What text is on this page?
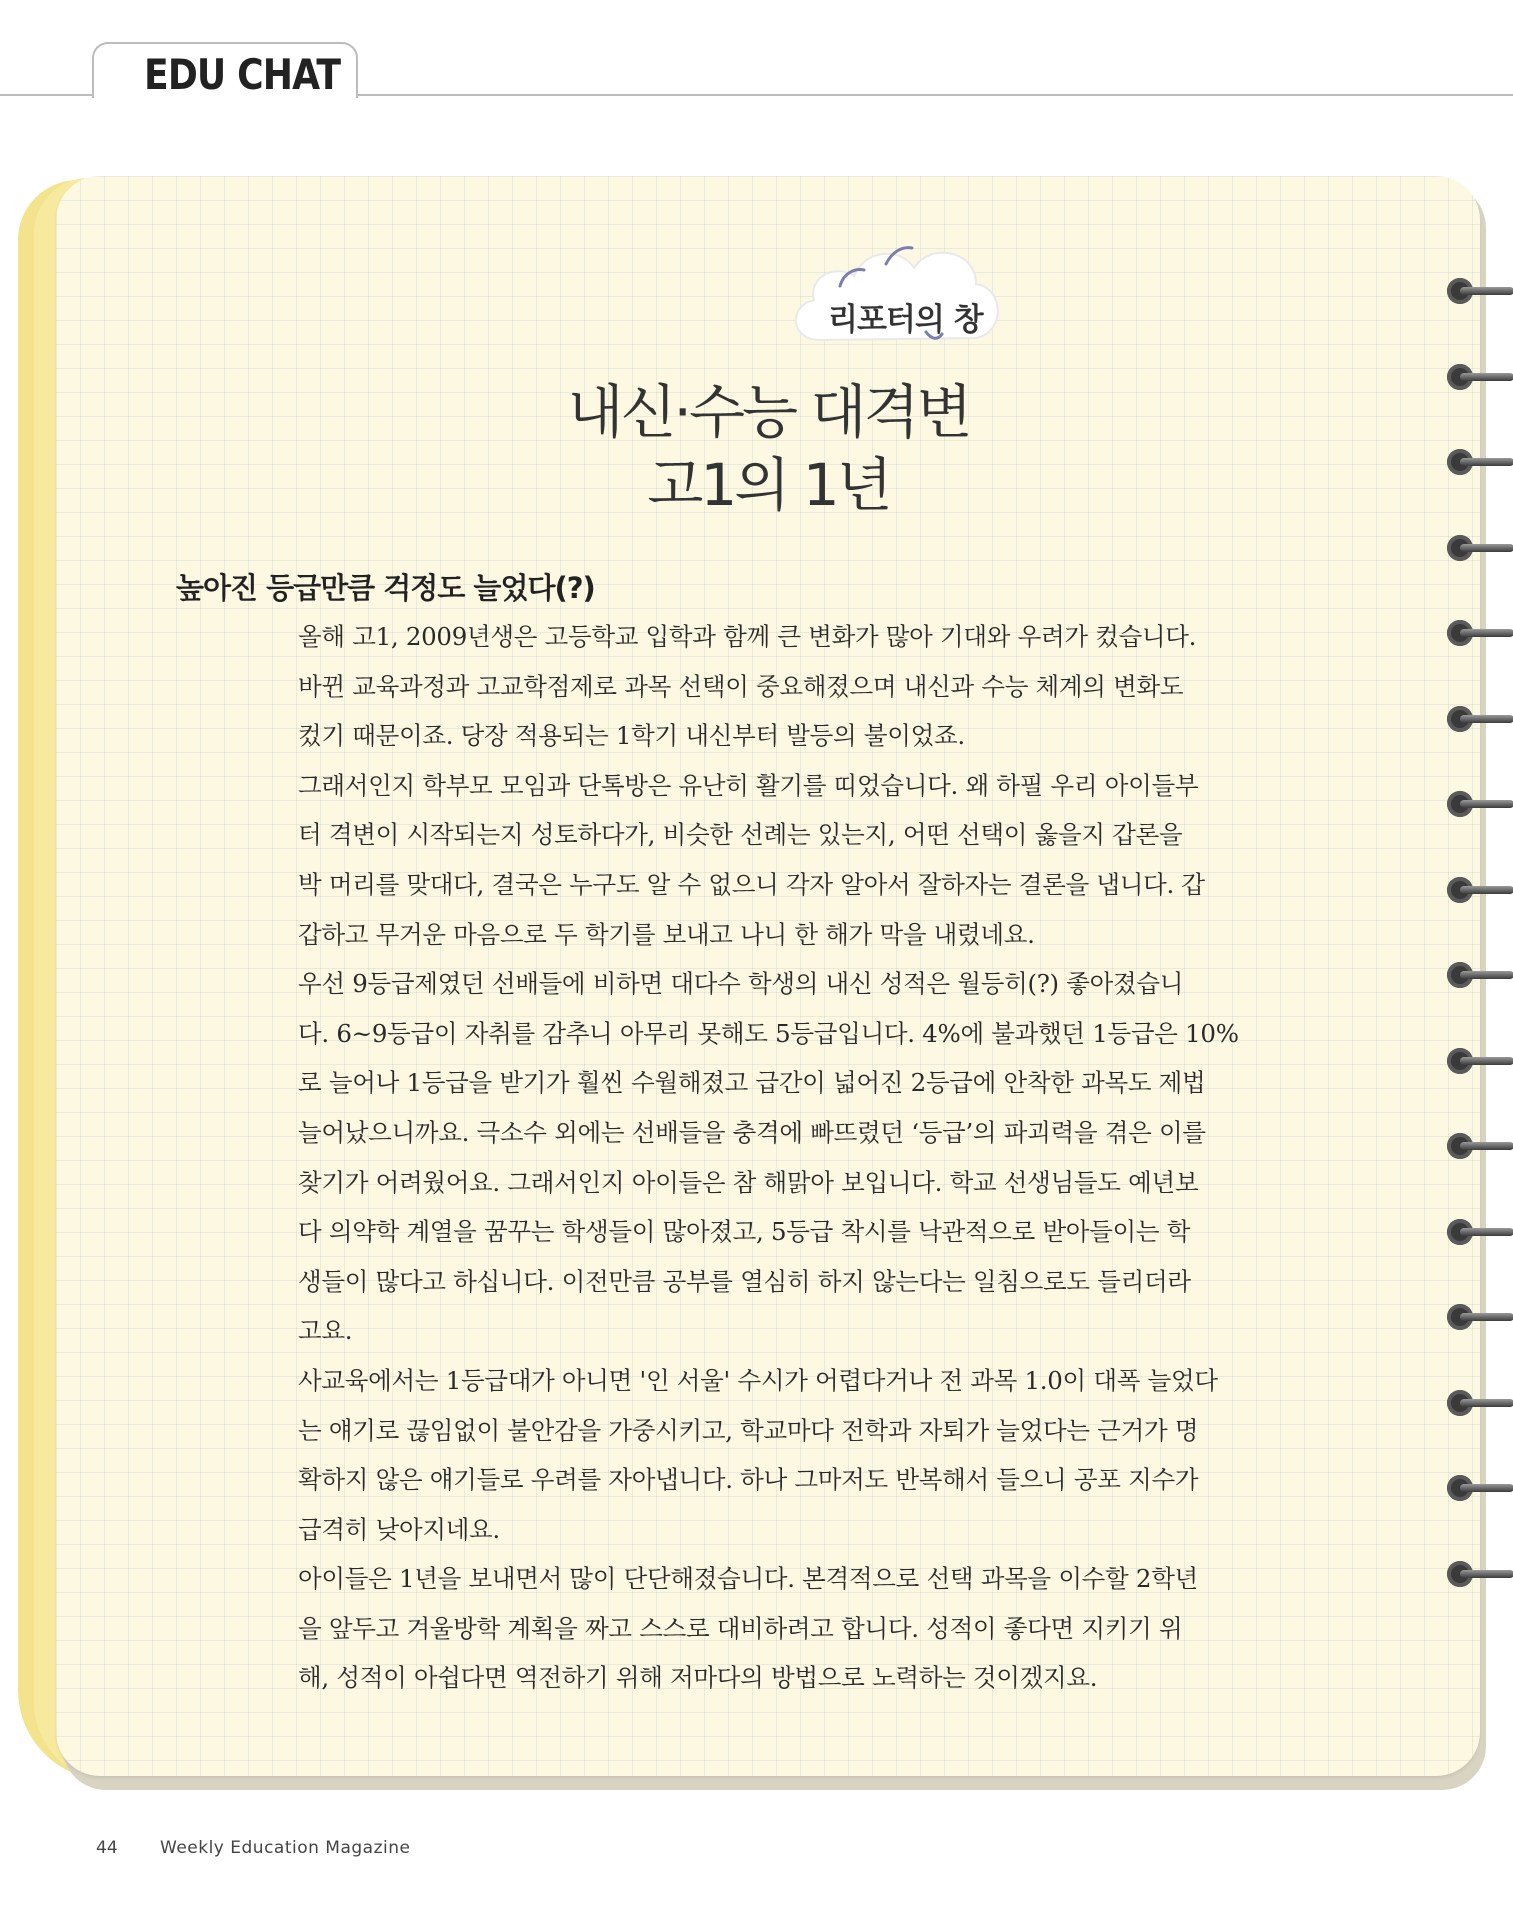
EDU CHAT
리포터의 창
내신·수능 대격변
고1의 1년
높아진 등급만큼 걱정도 늘었다(?)
올해 고1, 2009년생은 고등학교 입학과 함께 큰 변화가 많아 기대와 우려가 컸습니다.
바뀐 교육과정과 고교학점제로 과목 선택이 중요해졌으며 내신과 수능 체계의 변화도
컸기 때문이죠. 당장 적용되는 1학기 내신부터 발등의 불이었죠.
그래서인지 학부모 모임과 단톡방은 유난히 활기를 띠었습니다. 왜 하필 우리 아이들부
터 격변이 시작되는지 성토하다가, 비슷한 선례는 있는지, 어떤 선택이 옳을지 갑론을
박 머리를 맞대다, 결국은 누구도 알 수 없으니 각자 알아서 잘하자는 결론을 냅니다. 갑
갑하고 무거운 마음으로 두 학기를 보내고 나니 한 해가 막을 내렸네요.
우선 9등급제였던 선배들에 비하면 대다수 학생의 내신 성적은 월등히(?) 좋아졌습니
다. 6~9등급이 자취를 감추니 아무리 못해도 5등급입니다. 4%에 불과했던 1등급은 10%
로 늘어나 1등급을 받기가 훨씬 수월해졌고 급간이 넓어진 2등급에 안착한 과목도 제법
늘어났으니까요. 극소수 외에는 선배들을 충격에 빠뜨렸던 ‘등급’의 파괴력을 겪은 이를
찾기가 어려웠어요. 그래서인지 아이들은 참 해맑아 보입니다. 학교 선생님들도 예년보
다 의약학 계열을 꿈꾸는 학생들이 많아졌고, 5등급 착시를 낙관적으로 받아들이는 학
생들이 많다고 하십니다. 이전만큼 공부를 열심히 하지 않는다는 일침으로도 들리더라
고요.
사교육에서는 1등급대가 아니면 '인 서울' 수시가 어렵다거나 전 과목 1.0이 대폭 늘었다
는 얘기로 끊임없이 불안감을 가중시키고, 학교마다 전학과 자퇴가 늘었다는 근거가 명
확하지 않은 얘기들로 우려를 자아냅니다. 하나 그마저도 반복해서 들으니 공포 지수가
급격히 낮아지네요.
아이들은 1년을 보내면서 많이 단단해졌습니다. 본격적으로 선택 과목을 이수할 2학년
을 앞두고 겨울방학 계획을 짜고 스스로 대비하려고 합니다. 성적이 좋다면 지키기 위
해, 성적이 아쉽다면 역전하기 위해 저마다의 방법으로 노력하는 것이겠지요.
44 Weekly Education Magazine
